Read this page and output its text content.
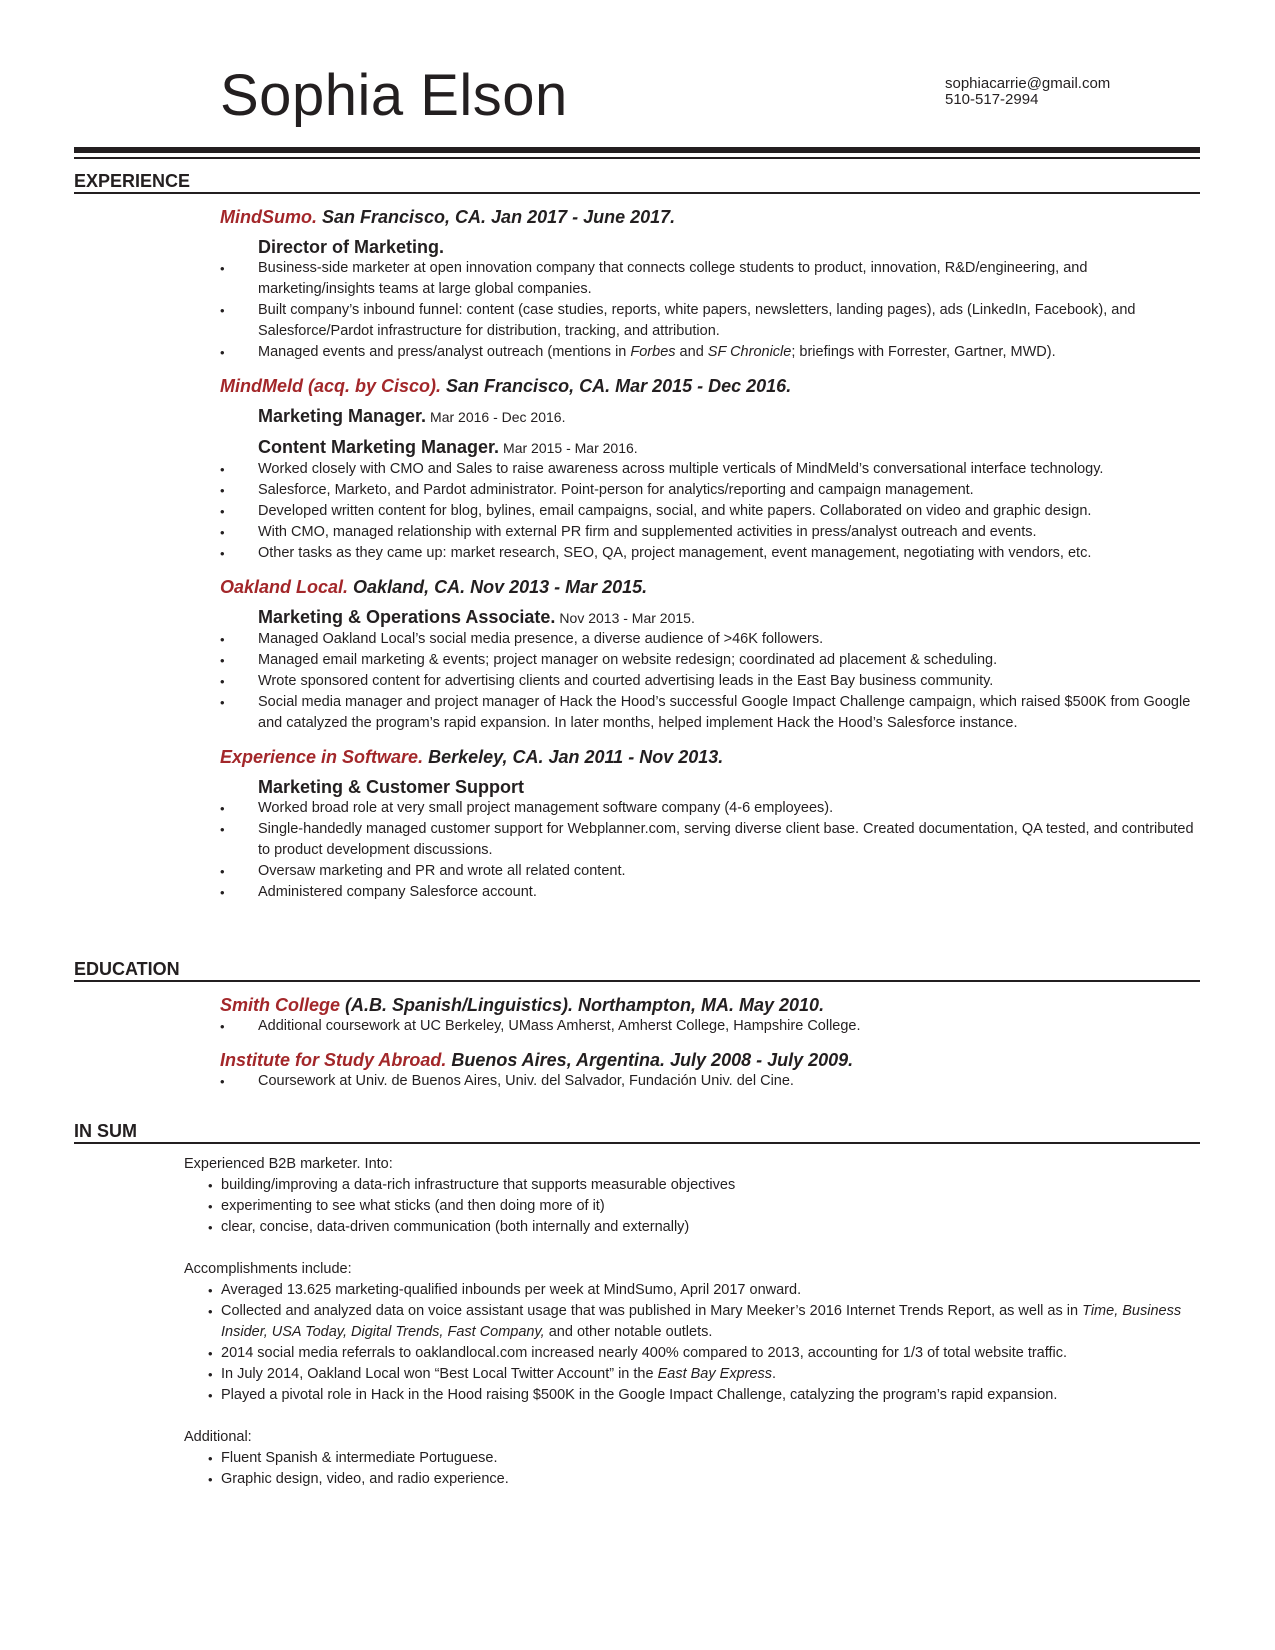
Sophia Elson	sophiacarrie@gmail.com
510-517-2994
EXPERIENCE
MindSumo. San Francisco, CA. Jan 2017 - June 2017.
Director of Marketing.
• Business-side marketer at open innovation company that connects college students to product, innovation, R&D/engineering, and marketing/insights teams at large global companies.
• Built company’s inbound funnel: content (case studies, reports, white papers, newsletters, landing pages), ads (LinkedIn, Facebook), and Salesforce/Pardot infrastructure for distribution, tracking, and attribution.
• Managed events and press/analyst outreach (mentions in Forbes and SF Chronicle; briefings with Forrester, Gartner, MWD).
MindMeld (acq. by Cisco). San Francisco, CA. Mar 2015 - Dec 2016.
Marketing Manager. Mar 2016 - Dec 2016.
Content Marketing Manager. Mar 2015 - Mar 2016.
• Worked closely with CMO and Sales to raise awareness across multiple verticals of MindMeld’s conversational interface technology.
• Salesforce, Marketo, and Pardot administrator. Point-person for analytics/reporting and campaign management.
• Developed written content for blog, bylines, email campaigns, social, and white papers. Collaborated on video and graphic design.
• With CMO, managed relationship with external PR firm and supplemented activities in press/analyst outreach and events.
• Other tasks as they came up: market research, SEO, QA, project management, event management, negotiating with vendors, etc.
Oakland Local. Oakland, CA. Nov 2013 - Mar 2015.
Marketing & Operations Associate. Nov 2013 - Mar 2015.
• Managed Oakland Local’s social media presence, a diverse audience of >46K followers.
• Managed email marketing & events; project manager on website redesign; coordinated ad placement & scheduling.
• Wrote sponsored content for advertising clients and courted advertising leads in the East Bay business community.
• Social media manager and project manager of Hack the Hood’s successful Google Impact Challenge campaign, which raised $500K from Google and catalyzed the program’s rapid expansion. In later months, helped implement Hack the Hood’s Salesforce instance.
Experience in Software. Berkeley, CA. Jan 2011 - Nov 2013.
Marketing & Customer Support
• Worked broad role at very small project management software company (4-6 employees).
• Single-handedly managed customer support for Webplanner.com, serving diverse client base. Created documentation, QA tested, and contributed to product development discussions.
• Oversaw marketing and PR and wrote all related content.
• Administered company Salesforce account.
EDUCATION
Smith College (A.B. Spanish/Linguistics). Northampton, MA. May 2010.
• Additional coursework at UC Berkeley, UMass Amherst, Amherst College, Hampshire College.
Institute for Study Abroad. Buenos Aires, Argentina. July 2008 - July 2009.
• Coursework at Univ. de Buenos Aires, Univ. del Salvador, Fundación Univ. del Cine.
IN SUM
Experienced B2B marketer. Into:
• building/improving a data-rich infrastructure that supports measurable objectives
• experimenting to see what sticks (and then doing more of it)
• clear, concise, data-driven communication (both internally and externally)
Accomplishments include:
• Averaged 13.625 marketing-qualified inbounds per week at MindSumo, April 2017 onward.
• Collected and analyzed data on voice assistant usage that was published in Mary Meeker’s 2016 Internet Trends Report, as well as in Time, Business Insider, USA Today, Digital Trends, Fast Company, and other notable outlets.
• 2014 social media referrals to oaklandlocal.com increased nearly 400% compared to 2013, accounting for 1/3 of total website traffic.
• In July 2014, Oakland Local won “Best Local Twitter Account” in the East Bay Express.
• Played a pivotal role in Hack in the Hood raising $500K in the Google Impact Challenge, catalyzing the program’s rapid expansion.
Additional:
• Fluent Spanish & intermediate Portuguese.
• Graphic design, video, and radio experience.
